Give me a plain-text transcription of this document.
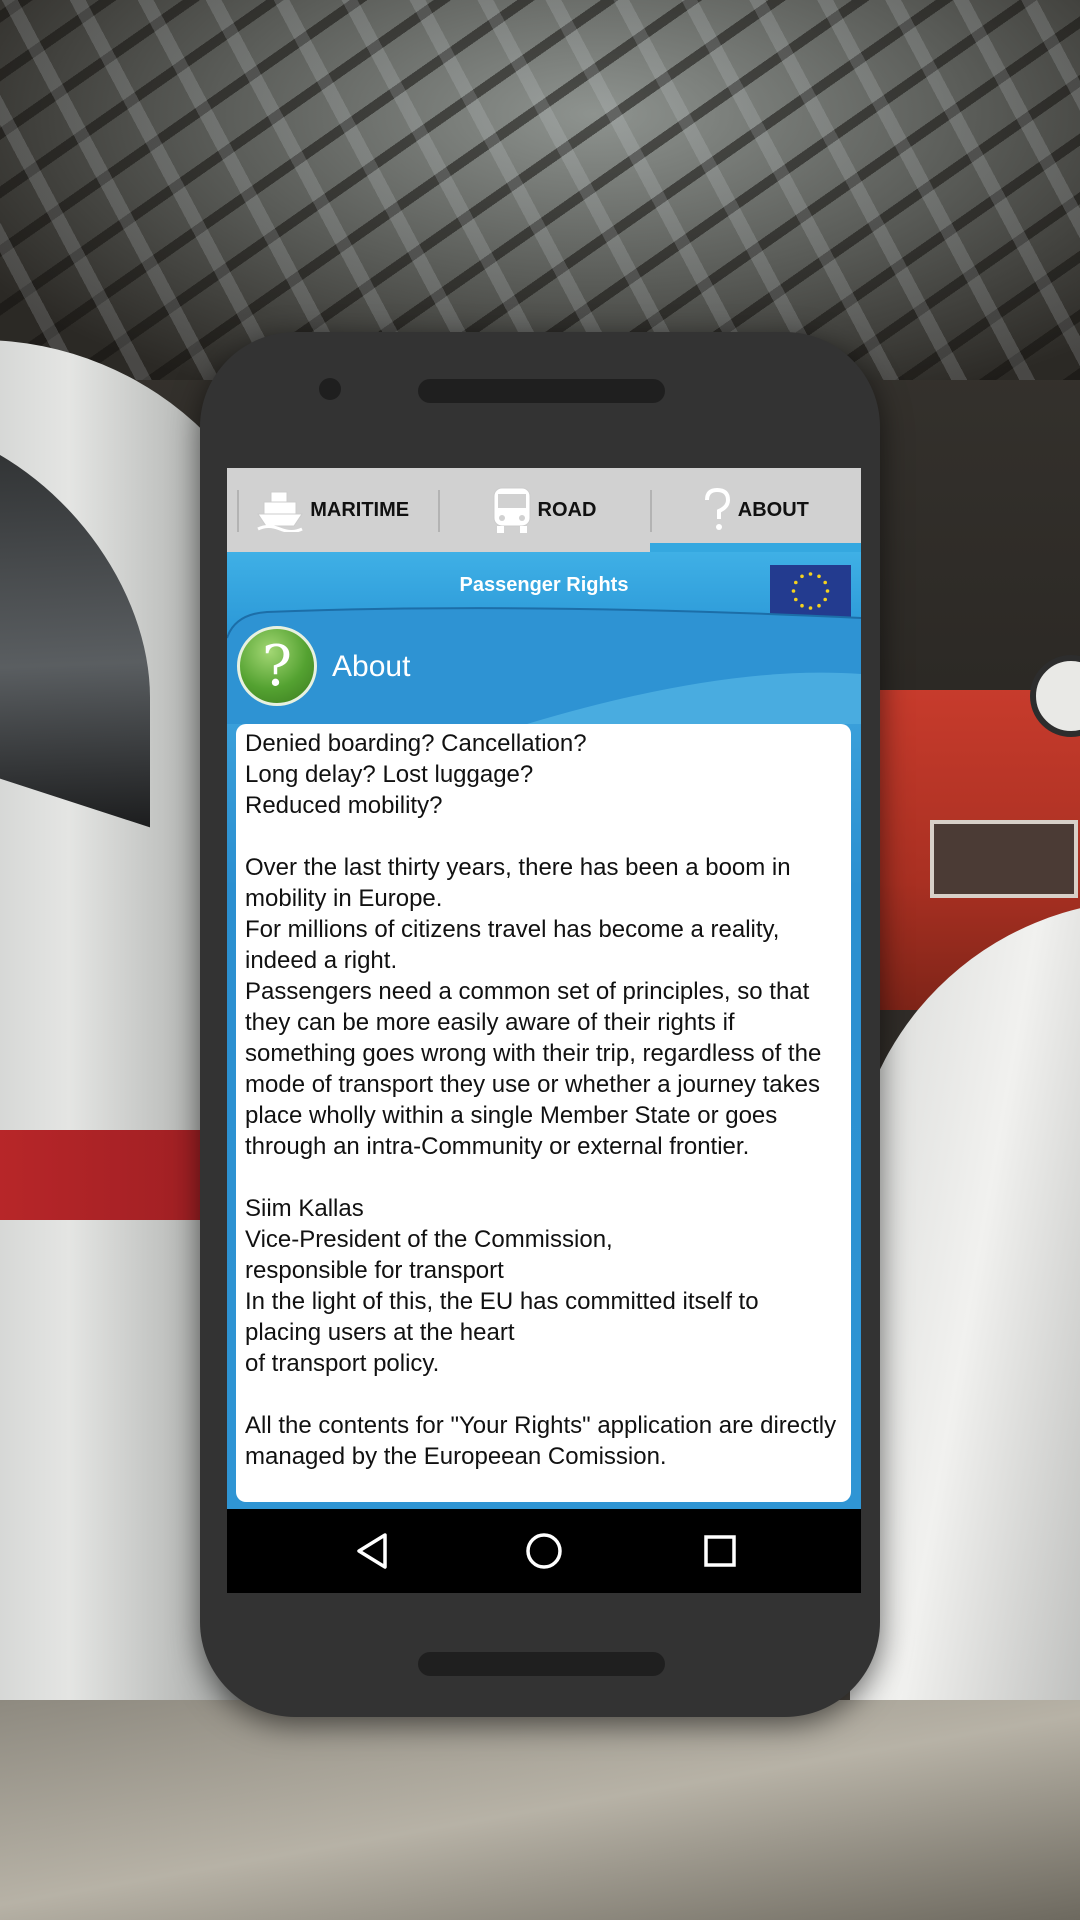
MARITIME	ROAD	ABOUT
Passenger Rights
?	About

Denied boarding? Cancellation?

Long delay? Lost luggage?

Reduced mobility?

Over the last thirty years, there has been a boom in mobility in Europe.

For millions of citizens travel has become a reality, indeed a right.

Passengers need a common set of principles, so that they can be more easily aware of their rights if something goes wrong with their trip, regardless of the mode of transport they use or whether a journey takes place wholly within a single Member State or goes through an intra-Community or external frontier.

Siim Kallas

Vice-President of the Commission,

responsible for transport

In the light of this, the EU has committed itself to placing users at the heart

of transport policy.

All the contents for "Your Rights" application are directly managed by the Europeean Comission.
